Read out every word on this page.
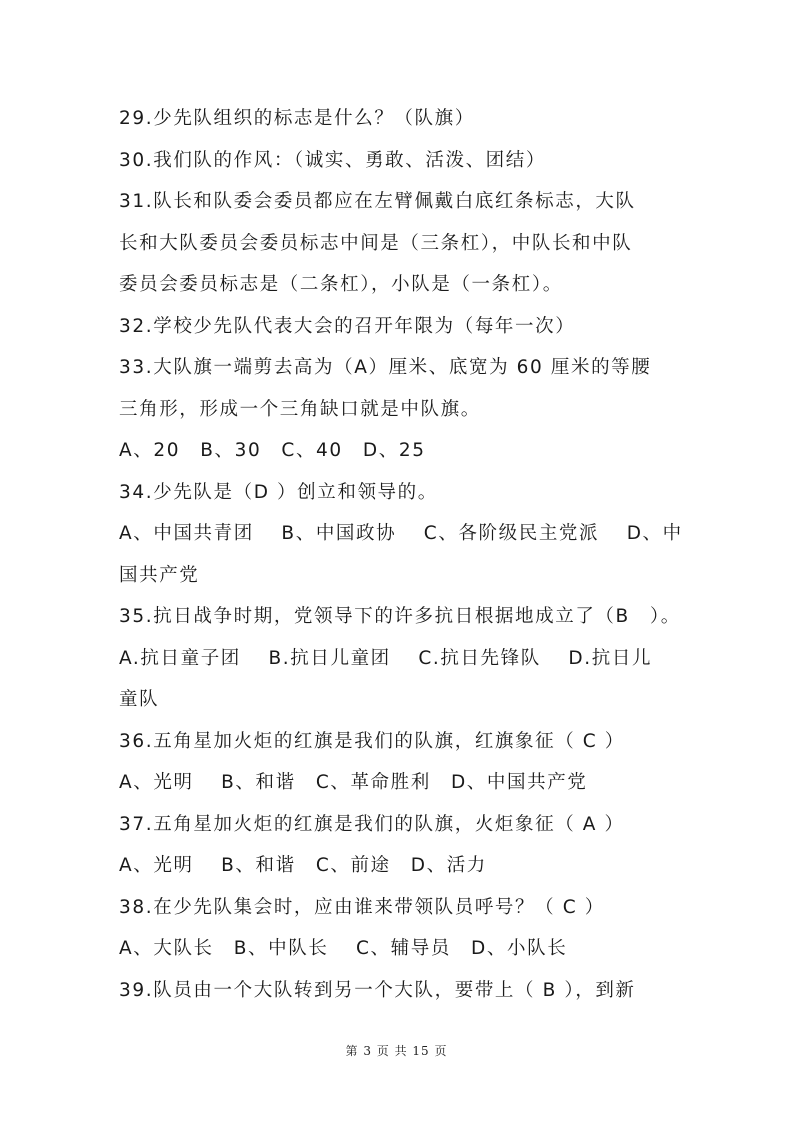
29.少先队组织的标志是什么？（队旗）
30.我们队的作风：（诚实、勇敢、活泼、团结）
31.队长和队委会委员都应在左臂佩戴白底红条标志，大队
长和大队委员会委员标志中间是（三条杠），中队长和中队
委员会委员标志是（二条杠），小队是（一条杠）。
32.学校少先队代表大会的召开年限为（每年一次）
33.大队旗一端剪去高为（A）厘米、底宽为 60 厘米的等腰
三角形，形成一个三角缺口就是中队旗。
A、20　B、30　C、40　D、25
34.少先队是（D ）创立和领导的。
A、中国共青团　 B、中国政协　 C、各阶级民主党派　 D、中
国共产党
35.抗日战争时期，党领导下的许多抗日根据地成立了（B　）。
A.抗日童子团　 B.抗日儿童团　 C.抗日先锋队　 D.抗日儿
童队
36.五角星加火炬的红旗是我们的队旗，红旗象征（ C ）
A、光明　 B、和谐　C、革命胜利　D、中国共产党
37.五角星加火炬的红旗是我们的队旗，火炬象征（ A ）
A、光明　 B、和谐　C、前途　D、活力
38.在少先队集会时，应由谁来带领队员呼号？（ C ）
A、大队长　B、中队长　 C、辅导员　D、小队长
39.队员由一个大队转到另一个大队，要带上（ B ），到新
第 3 页 共 15 页
